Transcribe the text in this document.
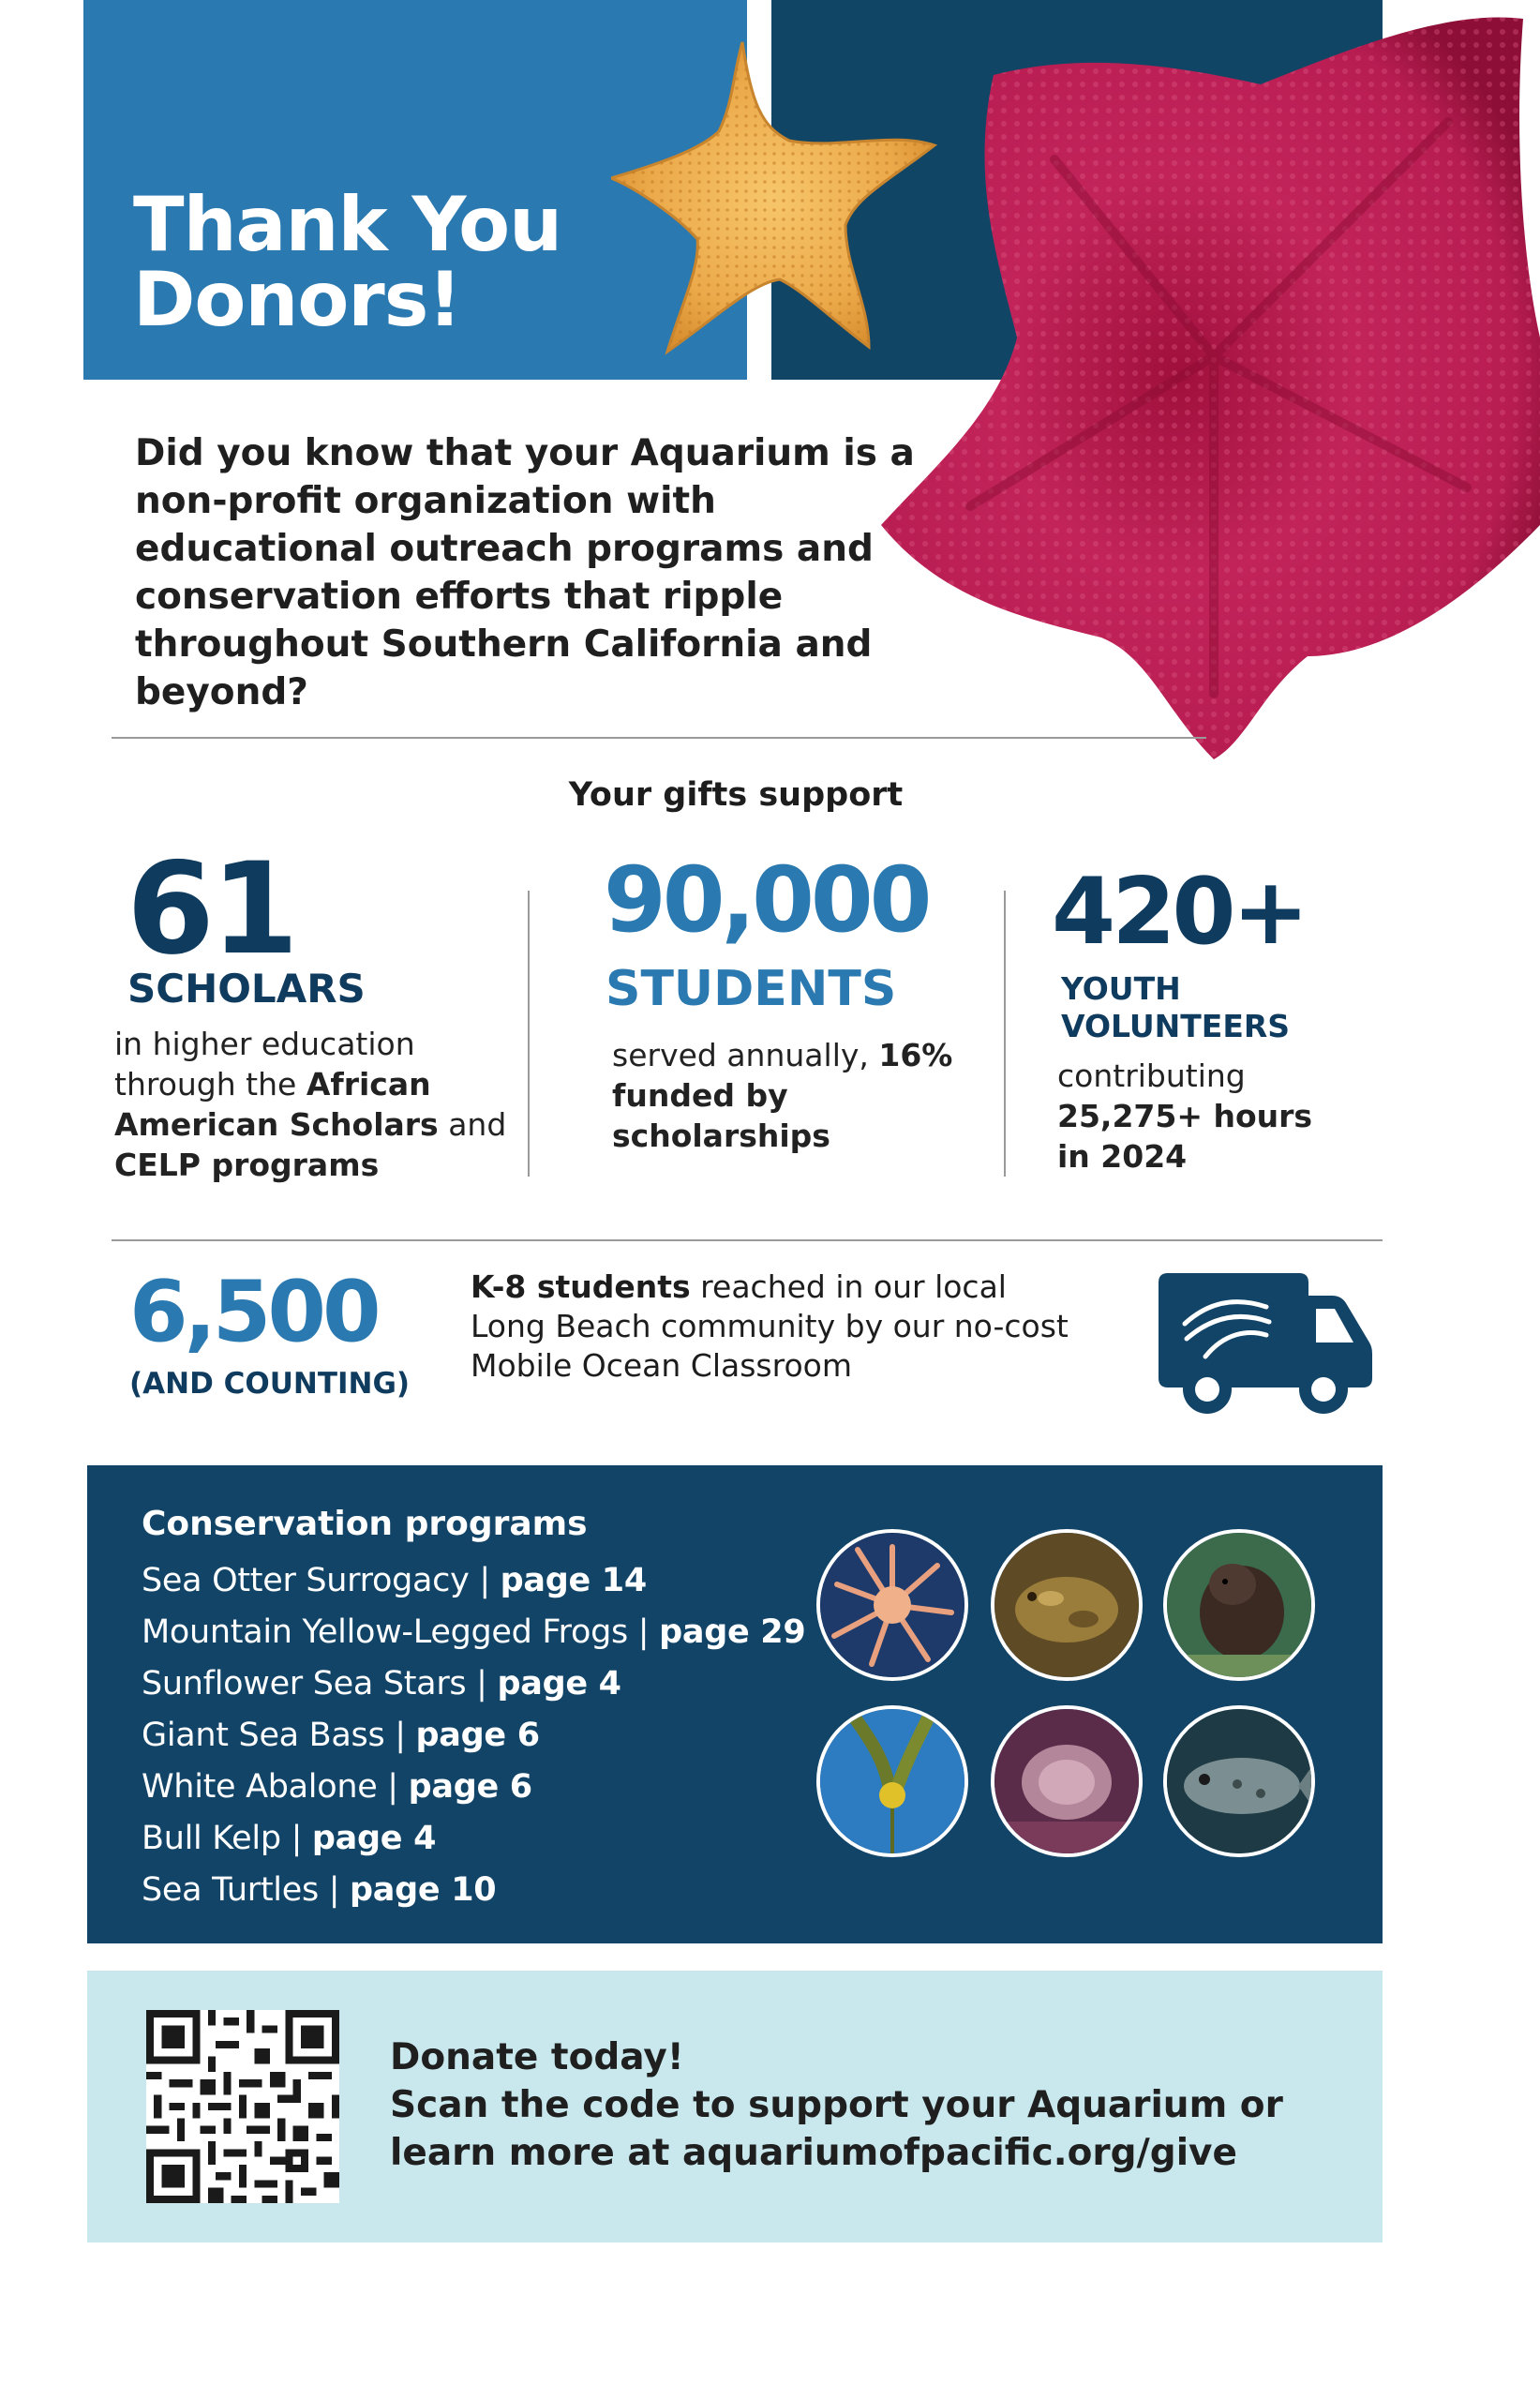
Thank You
Donors!

Did you know that your Aquarium is a non-profit organization with educational outreach programs and conservation efforts that ripple throughout Southern California and beyond?

Your gifts support
61
SCHOLARS
in higher education through the African American Scholars and CELP programs
90,000
STUDENTS
served annually, 16% funded by scholarships
420+
YOUTH
VOLUNTEERS
contributing 25,275+ hours in 2024
6,500
(AND COUNTING)
K-8 students reached in our local Long Beach community by our no-cost Mobile Ocean Classroom
Conservation programs
Sea Otter Surrogacy | page 14
Mountain Yellow-Legged Frogs | page 29
Sunflower Sea Stars | page 4
Giant Sea Bass | page 6
White Abalone | page 6
Bull Kelp | page 4
Sea Turtles | page 10
Donate today!
Scan the code to support your Aquarium or
learn more at aquariumofpacific.org/give
